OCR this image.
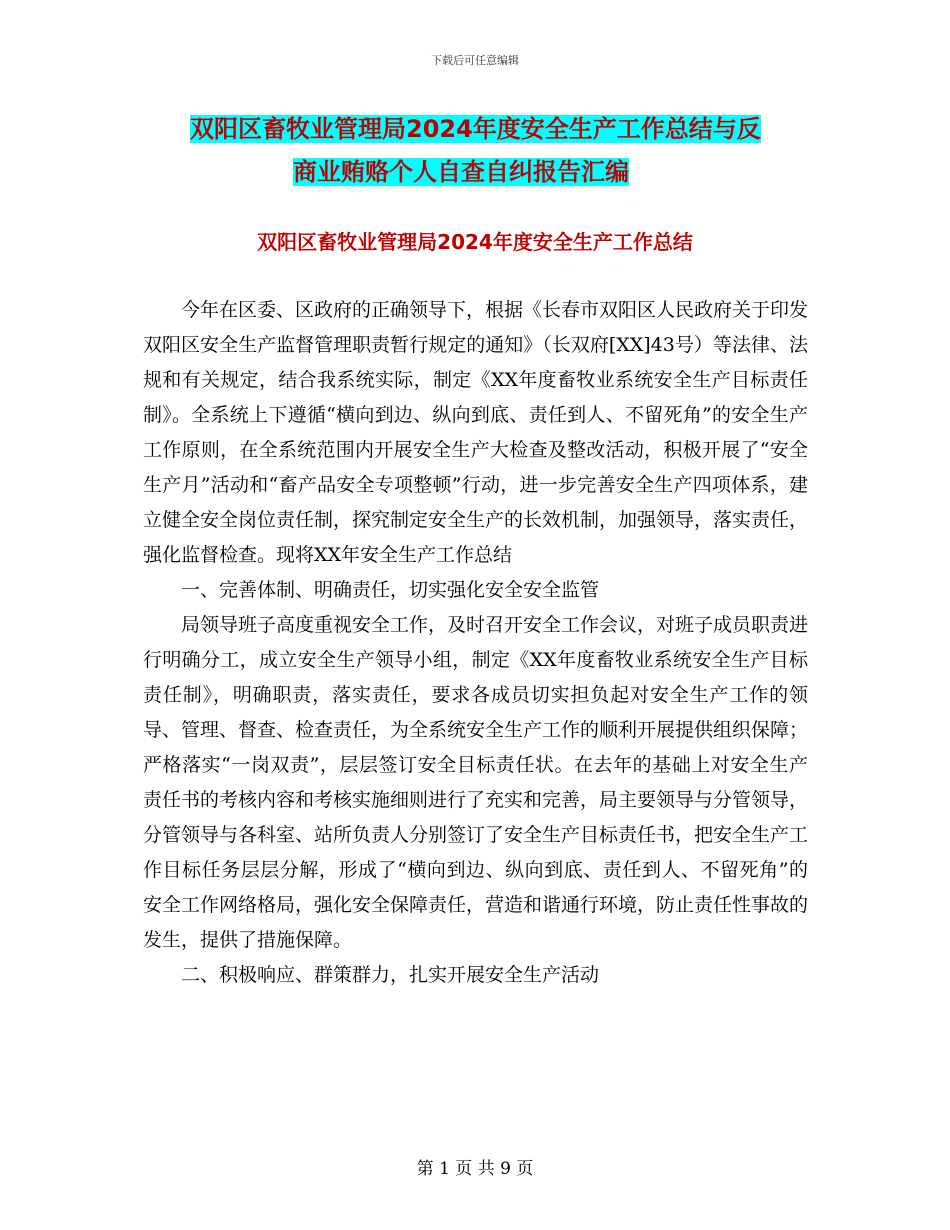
下载后可任意编辑
双阳区畜牧业管理局2024年度安全生产工作总结与反
商业贿赂个人自查自纠报告汇编
双阳区畜牧业管理局2024年度安全生产工作总结

今年在区委、区政府的正确领导下，根据《长春市双阳区人民政府关于印发双阳区安全生产监督管理职责暂行规定的通知》（长双府[XX]43号）等法律、法规和有关规定，结合我系统实际，制定《XX年度畜牧业系统安全生产目标责任制》。全系统上下遵循“横向到边、纵向到底、责任到人、不留死角”的安全生产工作原则，在全系统范围内开展安全生产大检查及整改活动，积极开展了“安全生产月”活动和“畜产品安全专项整顿”行动，进一步完善安全生产四项体系，建立健全安全岗位责任制，探究制定安全生产的长效机制，加强领导，落实责任，强化监督检查。现将XX年安全生产工作总结

一、完善体制、明确责任，切实强化安全安全监管

局领导班子高度重视安全工作，及时召开安全工作会议，对班子成员职责进行明确分工，成立安全生产领导小组，制定《XX年度畜牧业系统安全生产目标责任制》，明确职责，落实责任，要求各成员切实担负起对安全生产工作的领导、管理、督查、检查责任，为全系统安全生产工作的顺利开展提供组织保障；严格落实“一岗双责”，层层签订安全目标责任状。在去年的基础上对安全生产责任书的考核内容和考核实施细则进行了充实和完善，局主要领导与分管领导，分管领导与各科室、站所负责人分别签订了安全生产目标责任书，把安全生产工作目标任务层层分解，形成了“横向到边、纵向到底、责任到人、不留死角”的安全工作网络格局，强化安全保障责任，营造和谐通行环境，防止责任性事故的发生，提供了措施保障。

二、积极响应、群策群力，扎实开展安全生产活动

第 1 页 共 9 页
